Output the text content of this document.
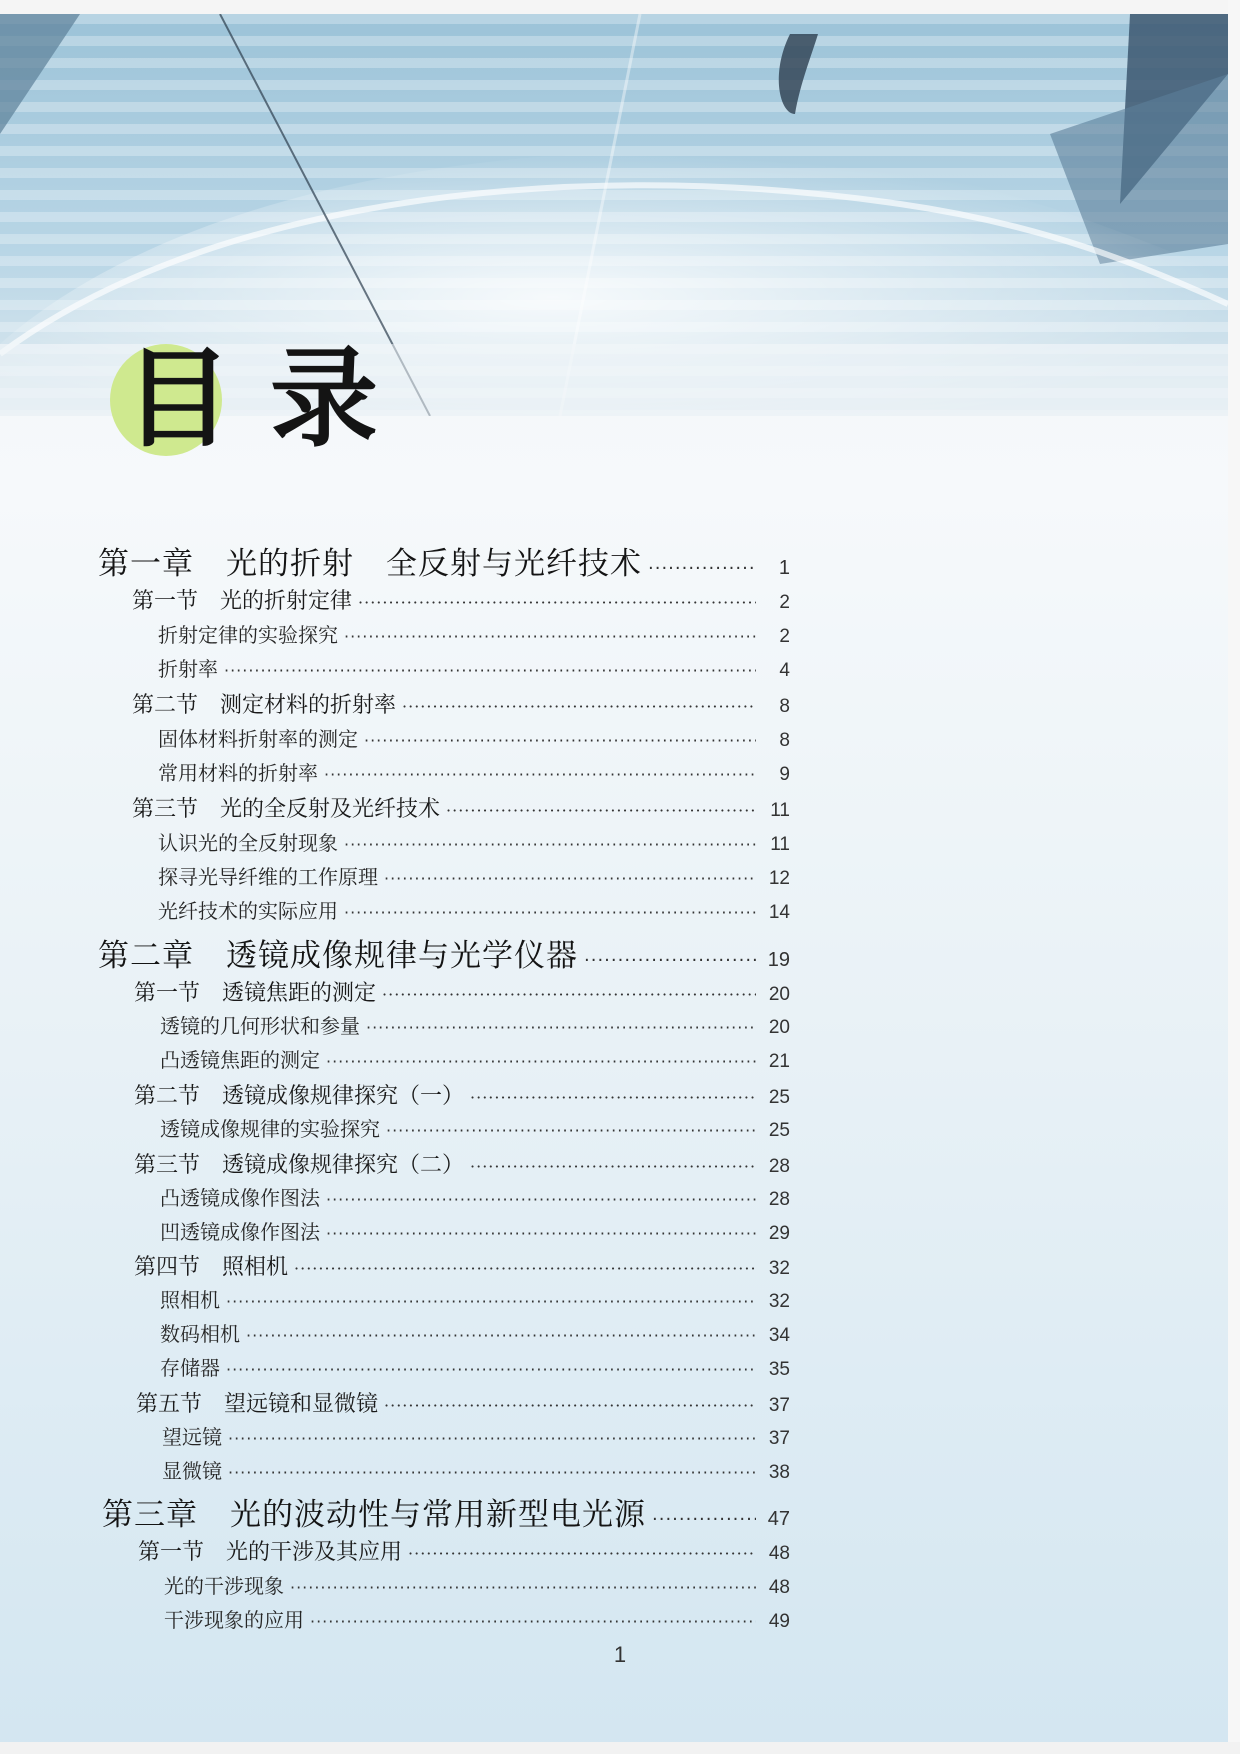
目 录
第一章　光的折射　全反射与光纤技术 ·····	1
第一节　光的折射定律 ·····	2
折射定律的实验探究 ·····	2
折射率 ·····	4
第二节　测定材料的折射率 ·····	8
固体材料折射率的测定 ·····	8
常用材料的折射率 ·····	9
第三节　光的全反射及光纤技术 ·····	11
认识光的全反射现象 ·····	11
探寻光导纤维的工作原理 ·····	12
光纤技术的实际应用 ·····	14
第二章　透镜成像规律与光学仪器 ·····	19
第一节　透镜焦距的测定 ·····	20
透镜的几何形状和参量 ·····	20
凸透镜焦距的测定 ·····	21
第二节　透镜成像规律探究（一） ·····	25
透镜成像规律的实验探究 ·····	25
第三节　透镜成像规律探究（二） ·····	28
凸透镜成像作图法 ·····	28
凹透镜成像作图法 ·····	29
第四节　照相机 ·····	32
照相机 ·····	32
数码相机 ·····	34
存储器 ·····	35
第五节　望远镜和显微镜 ·····	37
望远镜 ·····	37
显微镜 ·····	38
第三章　光的波动性与常用新型电光源 ·····	47
第一节　光的干涉及其应用 ·····	48
光的干涉现象 ·····	48
干涉现象的应用 ·····	49
1
